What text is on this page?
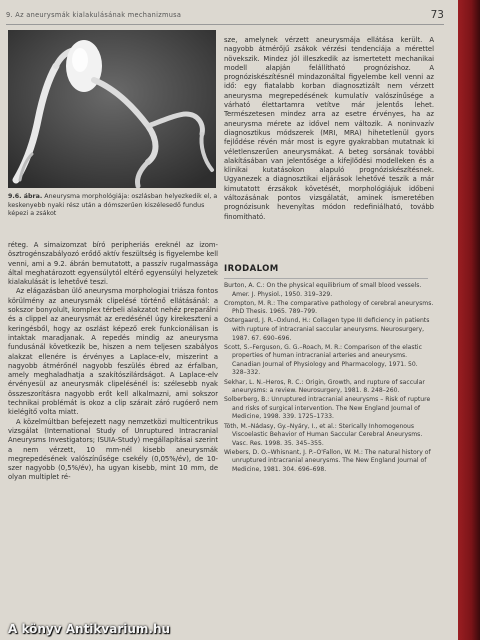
9. Az aneurysmák kialakulásának mechanizmusa	73
9.6. ábra. Aneurysma morphológiája: oszlásban helyezkedik el, a keskenyebb nyaki rész után a dómszerűen kiszélesedő fundus képezi a zsákot

réteg. A simaizomzat bíró peripheriás ereknél az izom-ösztrogénszabályozó erődő aktív feszültség is figyelembe kell venni, ami a 9.2. ábrán bemutatott, a passzív rugalmassága által meghatározott egyensúlytól eltérő egyensúlyi helyzetek kialakulását is lehetővé teszi.

Az elágazásban ülő aneurysma morphologiai triásza fontos körülmény az aneurysmák clipelésé történő ellátásánál: a sokszor bonyolult, komplex térbeli alakzatot nehéz preparálni és a clippel az aneurysmát az eredésénél úgy kirekeszteni a keringésből, hogy az oszlást képező erek funkcionálisan is intaktak maradjanak. A repedés mindig az aneurysma fundusánál következik be, hiszen a nem teljesen szabályos alakzat ellenére is érvényes a Laplace-elv, miszerint a nagyobb átmérőnél nagyobb feszülés ébred az érfalban, amely meghaladhatja a szakítószilárdságot. A Laplace-elv érvényesül az aneurysmák clipelésénél is: szélesebb nyak összeszorításra nagyobb erőt kell alkalmazni, ami sokszor technikai problémát is okoz a clip szárait záró rugóerő nem kielégítő volta miatt.

A közelmúltban befejezett nagy nemzetközi multicentrikus vizsgálat (International Study of Unruptured Intracranial Aneurysms Investigators; ISUIA-Study) megállapításai szerint a nem vérzett, 10 mm-nél kisebb aneurysmák megrepedésének valószínűsége csekély (0,05%/év), de 10-szer nagyobb (0,5%/év), ha ugyan kisebb, mint 10 mm, de olyan multiplet ré-

sze, amelynek vérzett aneurysmája ellátása került. A nagyobb átmérőjű zsákok vérzési tendenciája a mérettel növekszik. Mindez jól illeszkedik az ismertetett mechanikai modell alapján felállítható prognózishoz. A prognóziskészítésnél mindazonáltal figyelembe kell venni az idő: egy fiatalabb korban diagnosztizált nem vérzett aneurysma megrepedésének kumulatív valószínűsége a várható élettartamra vetítve már jelentős lehet. Természetesen mindez arra az esetre érvényes, ha az aneurysma mérete az idővel nem változik. A noninvazív diagnosztikus módszerek (MRI, MRA) hihetetlenül gyors fejlődése révén már most is egyre gyakrabban mutatnak ki véletlenszerűen aneurysmákat. A beteg sorsának további alakításában van jelentősége a kifejlődési modelleken és a klinikai kutatásokon alapuló prognóziskészítésnek. Ugyanezek a diagnosztikai eljárások lehetővé teszik a már kimutatott érzsákok követését, morphológiájuk időbeni változásának pontos vizsgálatát, aminek ismeretében prognózisunk hevenyítas módon redefiniálható, tovább finomítható.

IRODALOM

Burton, A. C.: On the physical equilibrium of small blood vessels. Amer. J. Physiol., 1950. 319–329.

Crompton, M. R.: The comparative pathology of cerebral aneurysms. PhD Thesis. 1965. 789–799.

Ostergaard, J. R.–Oxlund, H.: Collagen type III deficiency in patients with rupture of intracranial saccular aneurysms. Neurosurgery, 1987. 67. 690–696.

Scott, S.–Ferguson, G. G.–Roach, M. R.: Comparison of the elastic properties of human intracranial arteries and aneurysms. Canadian Journal of Physiology and Pharmacology, 1971. 50. 328–332.

Sekhar, L. N.–Heros, R. C.: Origin, Growth, and rupture of saccular aneurysms: a review. Neurosurgery, 1981. 8. 248–260.

Solberberg, B.: Unruptured intracranial aneurysms – Risk of rupture and risks of surgical intervention. The New England Journal of Medicine, 1998. 339. 1725–1733.

Tóth, M.–Nádasy, Gy.–Nyáry, I., et al.: Sterically Inhomogenous Viscoelastic Behavior of Human Saccular Cerebral Aneurysms. Vasc. Res. 1998. 35. 345–355.

Wiebers, D. O.–Whisnant, J. P.–O'Fallon, W. M.: The natural history of unruptured intracranial aneurysms. The New England Journal of Medicine, 1981. 304. 696–698.

A könyv Antikvarium.hu
